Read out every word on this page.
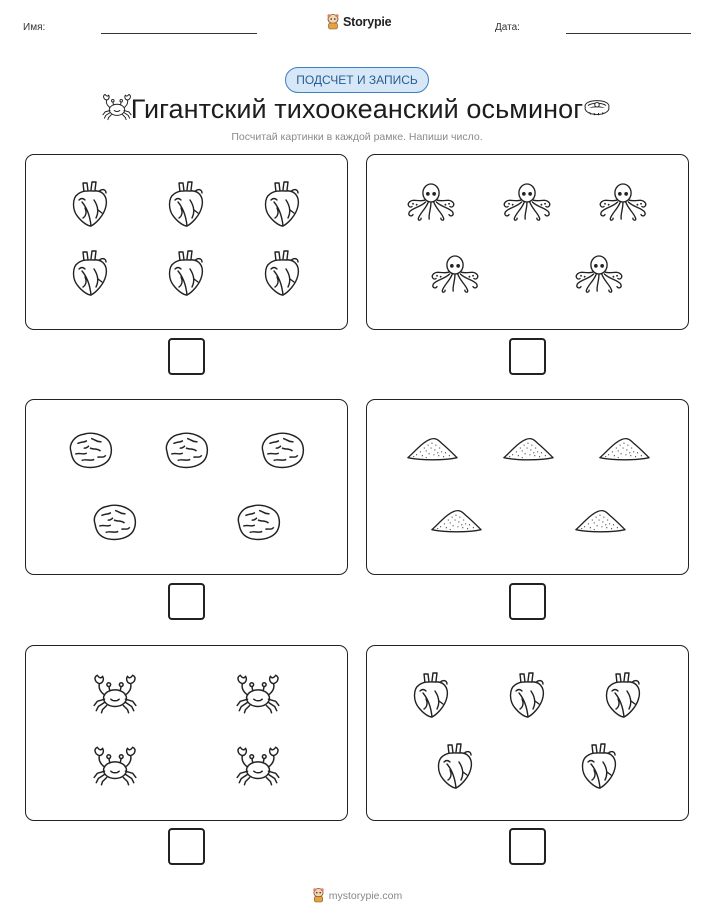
Имя:	Storypie	Дата:
ПОДСЧЕТ И ЗАПИСЬ
Гигантский тихоокеанский осьминог
Посчитай картинки в каждой рамке. Напиши число.
mystorypie.com
